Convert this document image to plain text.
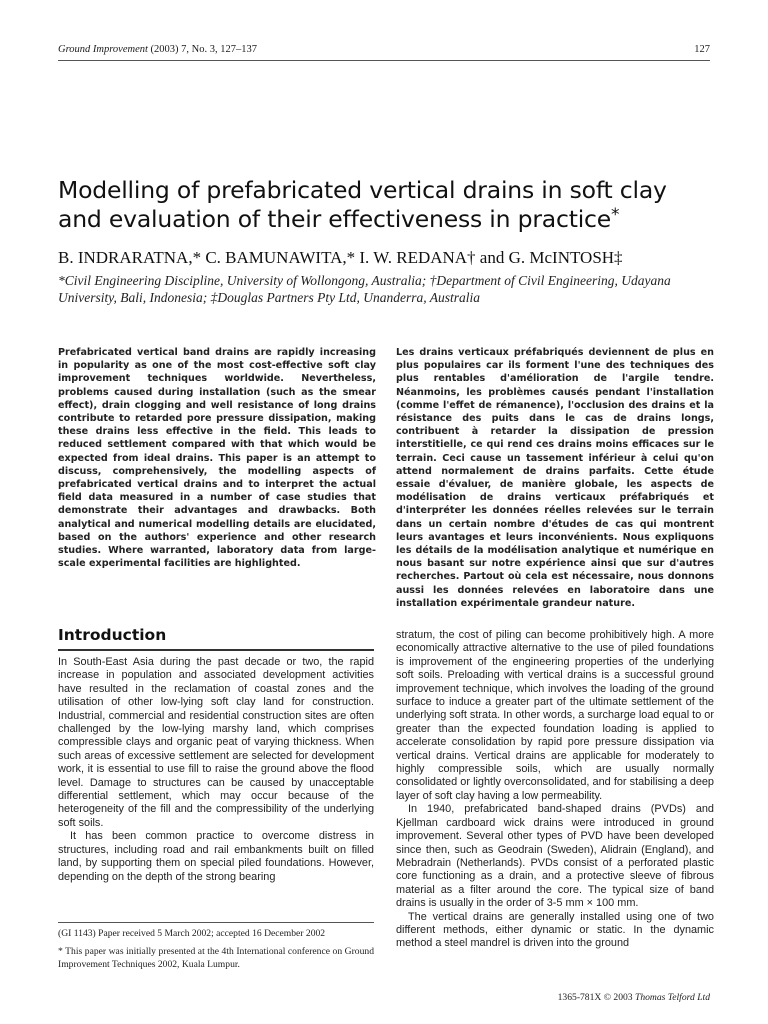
Ground Improvement (2003) 7, No. 3, 127–137	127
Modelling of prefabricated vertical drains in soft clay and evaluation of their effectiveness in practice*
B. INDRARATNA,* C. BAMUNAWITA,* I. W. REDANA† and G. McINTOSH‡
*Civil Engineering Discipline, University of Wollongong, Australia; †Department of Civil Engineering, Udayana University, Bali, Indonesia; ‡Douglas Partners Pty Ltd, Unanderra, Australia
Prefabricated vertical band drains are rapidly increasing in popularity as one of the most cost-effective soft clay improvement techniques worldwide. Nevertheless, problems caused during installation (such as the smear effect), drain clogging and well resistance of long drains contribute to retarded pore pressure dissipation, making these drains less effective in the field. This leads to reduced settlement compared with that which would be expected from ideal drains. This paper is an attempt to discuss, comprehensively, the modelling aspects of prefabricated vertical drains and to interpret the actual field data measured in a number of case studies that demonstrate their advantages and drawbacks. Both analytical and numerical modelling details are elucidated, based on the authors' experience and other research studies. Where warranted, laboratory data from large-scale experimental facilities are highlighted.
Les drains verticaux préfabriqués deviennent de plus en plus populaires car ils forment l'une des techniques des plus rentables d'amélioration de l'argile tendre. Néanmoins, les problèmes causés pendant l'installation (comme l'effet de rémanence), l'occlusion des drains et la résistance des puits dans le cas de drains longs, contribuent à retarder la dissipation de pression interstitielle, ce qui rend ces drains moins efficaces sur le terrain. Ceci cause un tassement inférieur à celui qu'on attend normalement de drains parfaits. Cette étude essaie d'évaluer, de manière globale, les aspects de modélisation de drains verticaux préfabriqués et d'interpréter les données réelles relevées sur le terrain dans un certain nombre d'études de cas qui montrent leurs avantages et leurs inconvénients. Nous expliquons les détails de la modélisation analytique et numérique en nous basant sur notre expérience ainsi que sur d'autres recherches. Partout où cela est nécessaire, nous donnons aussi les données relevées en laboratoire dans une installation expérimentale grandeur nature.
Introduction

In South-East Asia during the past decade or two, the rapid increase in population and associated development activities have resulted in the reclamation of coastal zones and the utilisation of other low-lying soft clay land for construction. Industrial, commercial and residential construction sites are often challenged by the low-lying marshy land, which comprises compressible clays and organic peat of varying thickness. When such areas of excessive settlement are selected for development work, it is essential to use fill to raise the ground above the flood level. Damage to structures can be caused by unacceptable differential settlement, which may occur because of the heterogeneity of the fill and the compressibility of the underlying soft soils.

It has been common practice to overcome distress in structures, including road and rail embankments built on filled land, by supporting them on special piled foundations. However, depending on the depth of the strong bearing

stratum, the cost of piling can become prohibitively high. A more economically attractive alternative to the use of piled foundations is improvement of the engineering properties of the underlying soft soils. Preloading with vertical drains is a successful ground improvement technique, which involves the loading of the ground surface to induce a greater part of the ultimate settlement of the underlying soft strata. In other words, a surcharge load equal to or greater than the expected foundation loading is applied to accelerate consolidation by rapid pore pressure dissipation via vertical drains. Vertical drains are applicable for moderately to highly compressible soils, which are usually normally consolidated or lightly overconsolidated, and for stabilising a deep layer of soft clay having a low permeability.

In 1940, prefabricated band-shaped drains (PVDs) and Kjellman cardboard wick drains were introduced in ground improvement. Several other types of PVD have been developed since then, such as Geodrain (Sweden), Alidrain (England), and Mebradrain (Netherlands). PVDs consist of a perforated plastic core functioning as a drain, and a protective sleeve of fibrous material as a filter around the core. The typical size of band drains is usually in the order of 3-5 mm × 100 mm.

The vertical drains are generally installed using one of two different methods, either dynamic or static. In the dynamic method a steel mandrel is driven into the ground

(GI 1143) Paper received 5 March 2002; accepted 16 December 2002

* This paper was initially presented at the 4th International conference on Ground Improvement Techniques 2002, Kuala Lumpur.

1365-781X © 2003 Thomas Telford Ltd
